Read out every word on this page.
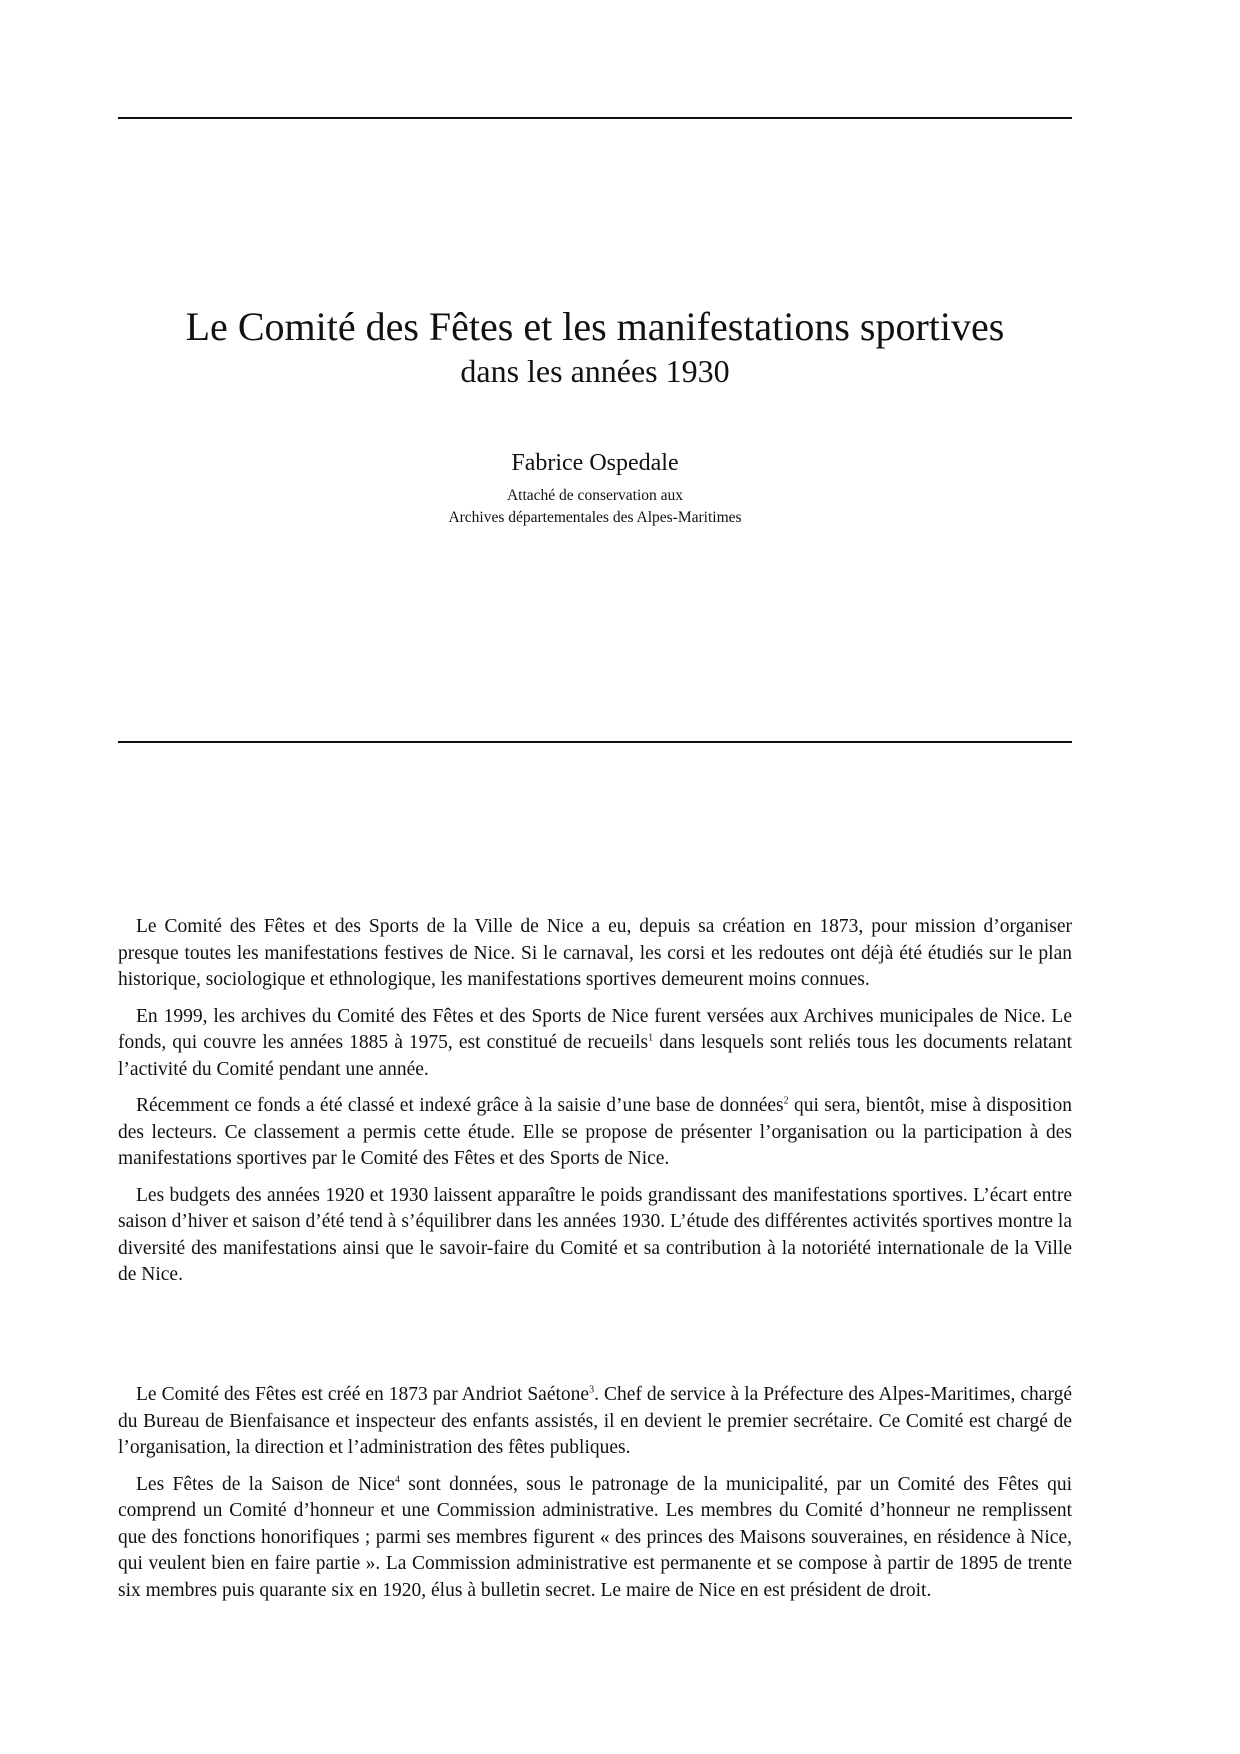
Le Comité des Fêtes et les manifestations sportives
dans les années 1930
Fabrice Ospedale
Attaché de conservation aux
Archives départementales des Alpes-Maritimes

Le Comité des Fêtes et des Sports de la Ville de Nice a eu, depuis sa création en 1873, pour mission d’organiser presque toutes les manifestations festives de Nice. Si le carnaval, les corsi et les redoutes ont déjà été étudiés sur le plan historique, sociologique et ethnologique, les manifestations sportives demeurent moins connues.

En 1999, les archives du Comité des Fêtes et des Sports de Nice furent versées aux Archives municipales de Nice. Le fonds, qui couvre les années 1885 à 1975, est constitué de recueils$^1$ dans lesquels sont reliés tous les documents relatant l’activité du Comité pendant une année.

Récemment ce fonds a été classé et indexé grâce à la saisie d’une base de données$^2$ qui sera, bientôt, mise à disposition des lecteurs. Ce classement a permis cette étude. Elle se propose de présenter l’organisation ou la participation à des manifestations sportives par le Comité des Fêtes et des Sports de Nice.

Les budgets des années 1920 et 1930 laissent apparaître le poids grandissant des manifestations sportives. L’écart entre saison d’hiver et saison d’été tend à s’équilibrer dans les années 1930. L’étude des différentes activités sportives montre la diversité des manifestations ainsi que le savoir-faire du Comité et sa contribution à la notoriété internationale de la Ville de Nice.

Le Comité des Fêtes est créé en 1873 par Andriot Saétone$^3$. Chef de service à la Préfecture des Alpes-Maritimes, chargé du Bureau de Bienfaisance et inspecteur des enfants assistés, il en devient le premier secrétaire. Ce Comité est chargé de l’organisation, la direction et l’administration des fêtes publiques.

Les Fêtes de la Saison de Nice$^4$ sont données, sous le patronage de la municipalité, par un Comité des Fêtes qui comprend un Comité d’honneur et une Commission administrative. Les membres du Comité d’honneur ne remplissent que des fonctions honorifiques ; parmi ses membres figurent « des princes des Maisons souveraines, en résidence à Nice, qui veulent bien en faire partie ». La Commission administrative est permanente et se compose à partir de 1895 de trente six membres puis quarante six en 1920, élus à bulletin secret. Le maire de Nice en est président de droit.
